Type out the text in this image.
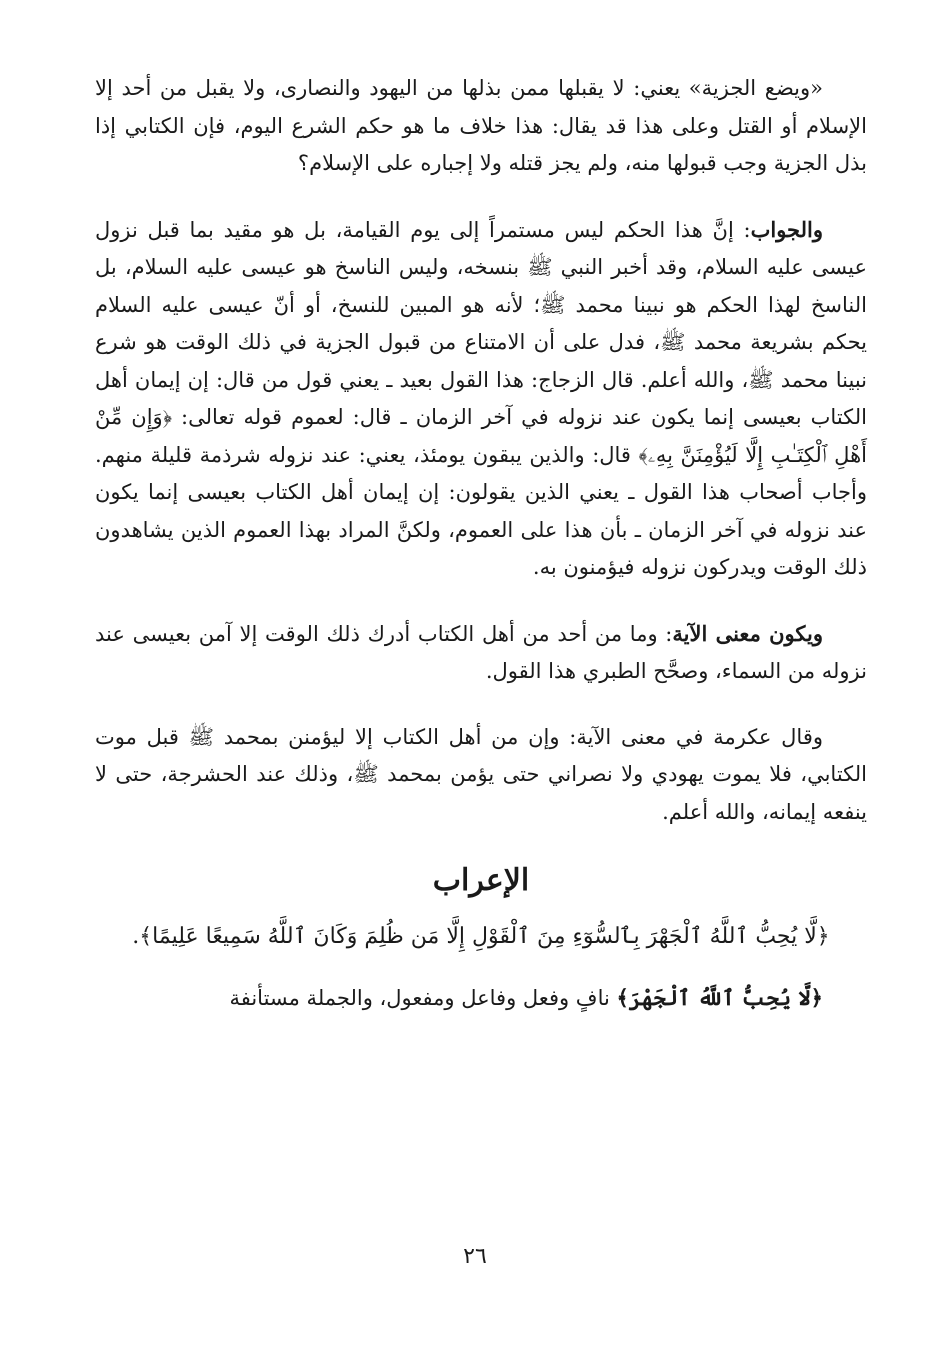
«ويضع الجزية» يعني: لا يقبلها ممن بذلها من اليهود والنصارى، ولا يقبل من أحد إلا الإسلام أو القتل وعلى هذا قد يقال: هذا خلاف ما هو حكم الشرع اليوم، فإن الكتابي إذا بذل الجزية وجب قبولها منه، ولم يجز قتله ولا إجباره على الإسلام؟

والجواب: إنَّ هذا الحكم ليس مستمراً إلى يوم القيامة، بل هو مقيد بما قبل نزول عيسى عليه السلام، وقد أخبر النبي ﷺ بنسخه، وليس الناسخ هو عيسى عليه السلام، بل الناسخ لهذا الحكم هو نبينا محمد ﷺ؛ لأنه هو المبين للنسخ، أو أنّ عيسى عليه السلام يحكم بشريعة محمد ﷺ، فدل على أن الامتناع من قبول الجزية في ذلك الوقت هو شرع نبينا محمد ﷺ، والله أعلم. قال الزجاج: هذا القول بعيد ـ يعني قول من قال: إن إيمان أهل الكتاب بعيسى إنما يكون عند نزوله في آخر الزمان ـ قال: لعموم قوله تعالى: ﴿وَإِن مِّنْ أَهْلِ ٱلْكِتَـٰبِ إِلَّا لَيُؤْمِنَنَّ بِهِۦ﴾ قال: والذين يبقون يومئذ، يعني: عند نزوله شرذمة قليلة منهم. وأجاب أصحاب هذا القول ـ يعني الذين يقولون: إن إيمان أهل الكتاب بعيسى إنما يكون عند نزوله في آخر الزمان ـ بأن هذا على العموم، ولكنَّ المراد بهذا العموم الذين يشاهدون ذلك الوقت ويدركون نزوله فيؤمنون به.

ويكون معنى الآية: وما من أحد من أهل الكتاب أدرك ذلك الوقت إلا آمن بعيسى عند نزوله من السماء، وصحَّح الطبري هذا القول.

وقال عكرمة في معنى الآية: وإن من أهل الكتاب إلا ليؤمنن بمحمد ﷺ قبل موت الكتابي، فلا يموت يهودي ولا نصراني حتى يؤمن بمحمد ﷺ، وذلك عند الحشرجة، حتى لا ينفعه إيمانه، والله أعلم.

الإعراب

﴿لَّا يُحِبُّ ٱللَّهُ ٱلْجَهْرَ بِٱلسُّوٓءِ مِنَ ٱلْقَوْلِ إِلَّا مَن ظُلِمَ وَكَانَ ٱللَّهُ سَمِيعًا عَلِيمًا﴾.

﴿لَّا يُحِبُّ ٱللَّهُ ٱلْجَهْرَ﴾ نافٍ وفعل وفاعل ومفعول، والجملة مستأنفة

٢٦
